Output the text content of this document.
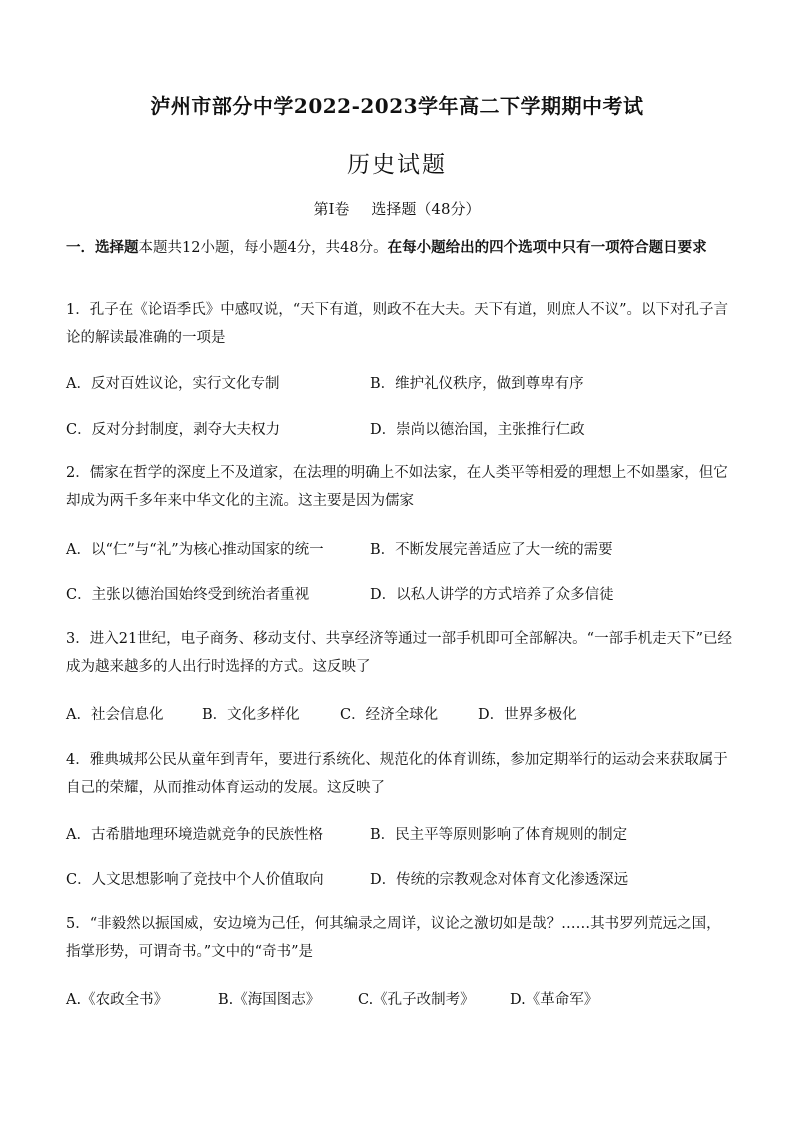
泸州市部分中学2022-2023学年高二下学期期中考试
历史试题
第I卷 选择题（48分）
一．选择题本题共12小题，每小题4分，共48分。在每小题给出的四个选项中只有一项符合题日要求
1．孔子在《论语季氏》中感叹说，“天下有道，则政不在大夫。天下有道，则庶人不议”。以下对孔子言论的解读最准确的一项是
A．反对百姓议论，实行文化专制	B．维护礼仪秩序，做到尊卑有序
C．反对分封制度，剥夺大夫权力	D．崇尚以德治国，主张推行仁政
2．儒家在哲学的深度上不及道家，在法理的明确上不如法家，在人类平等相爱的理想上不如墨家，但它却成为两千多年来中华文化的主流。这主要是因为儒家
A．以“仁”与“礼”为核心推动国家的统一	B．不断发展完善适应了大一统的需要
C．主张以德治国始终受到统治者重视	D．以私人讲学的方式培养了众多信徒
3．进入21世纪，电子商务、移动支付、共享经济等通过一部手机即可全部解决。“一部手机走天下”已经成为越来越多的人出行时选择的方式。这反映了
A．社会信息化	B．文化多样化	C．经济全球化	D．世界多极化
4．雅典城邦公民从童年到青年，要进行系统化、规范化的体育训练，参加定期举行的运动会来获取属于自己的荣耀，从而推动体育运动的发展。这反映了
A．古希腊地理环境造就竞争的民族性格	B．民主平等原则影响了体育规则的制定
C．人文思想影响了竞技中个人价值取向	D．传统的宗教观念对体育文化渗透深远
5．“非毅然以振国威，安边境为己任，何其编录之周详，议论之激切如是哉？……其书罗列荒远之国，指掌形势，可谓奇书。”文中的“奇书”是
A.《农政全书》	B.《海国图志》	C.《孔子改制考》 D.《革命军》
